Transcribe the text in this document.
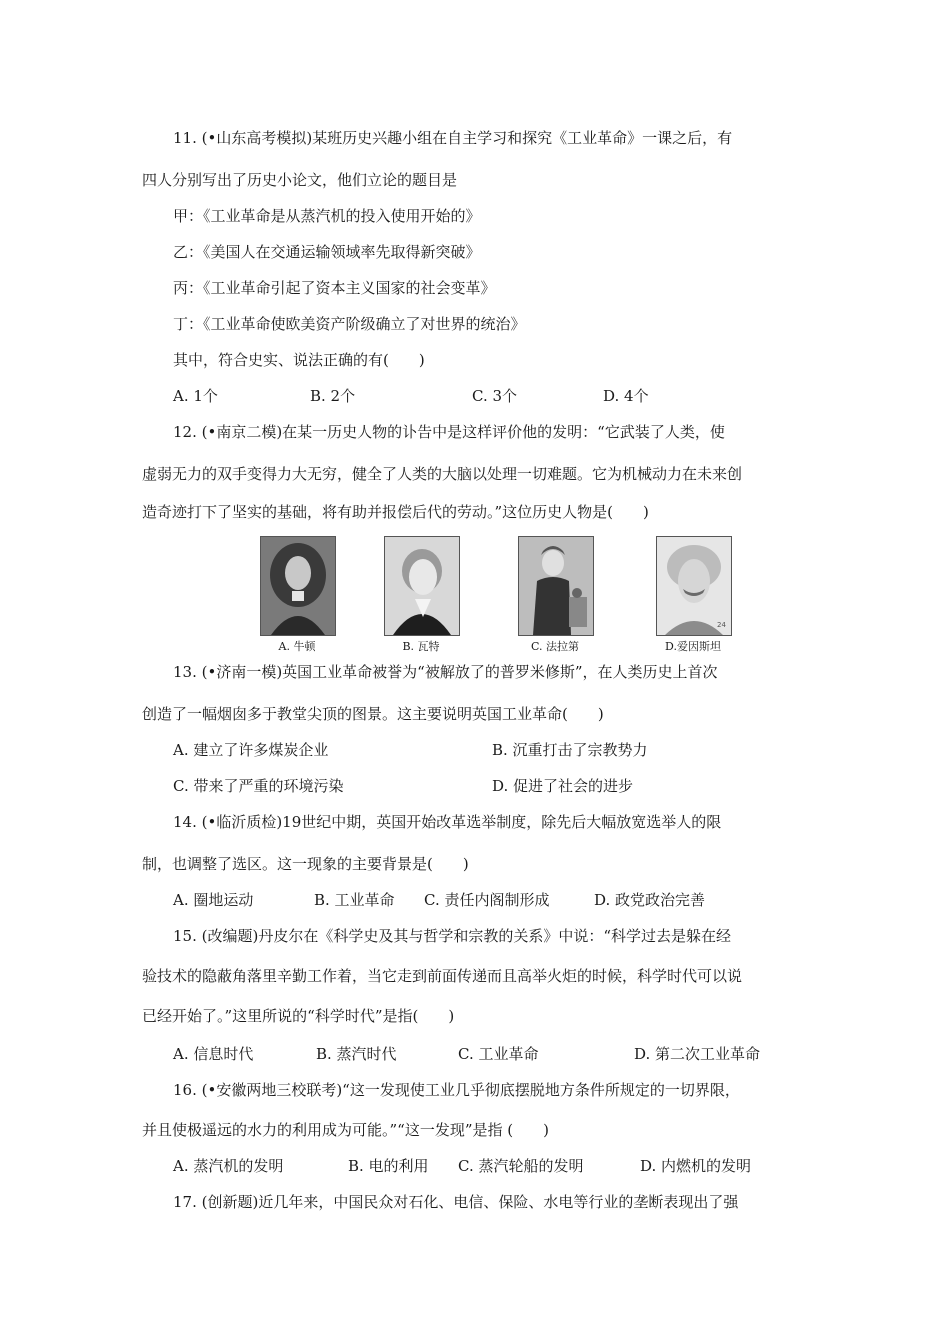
11. (•山东高考模拟)某班历史兴趣小组在自主学习和探究《工业革命》一课之后，有
四人分别写出了历史小论文，他们立论的题目是
甲：《工业革命是从蒸汽机的投入使用开始的》
乙：《美国人在交通运输领域率先取得新突破》
丙：《工业革命引起了资本主义国家的社会变革》
丁：《工业革命使欧美资产阶级确立了对世界的统治》
其中，符合史实、说法正确的有(　　)
A. 1个	B. 2个	C. 3个	D. 4个
12. (•南京二模)在某一历史人物的讣告中是这样评价他的发明：“它武装了人类，使
虚弱无力的双手变得力大无穷，健全了人类的大脑以处理一切难题。它为机械动力在未来创
造奇迹打下了坚实的基础，将有助并报偿后代的劳动。”这位历史人物是(　　)
24
A. 牛顿	B. 瓦特	C. 法拉第	D.爱因斯坦
13. (•济南一模)英国工业革命被誉为“被解放了的普罗米修斯”，在人类历史上首次
创造了一幅烟囱多于教堂尖顶的图景。这主要说明英国工业革命(　　)
A. 建立了许多煤炭企业	B. 沉重打击了宗教势力
C. 带来了严重的环境污染	D. 促进了社会的进步
14. (•临沂质检)19世纪中期，英国开始改革选举制度，除先后大幅放宽选举人的限
制，也调整了选区。这一现象的主要背景是(　　)
A. 圈地运动	B. 工业革命 C. 责任内阁制形成	D. 政党政治完善
15. (改编题)丹皮尔在《科学史及其与哲学和宗教的关系》中说：“科学过去是躲在经
验技术的隐蔽角落里辛勤工作着，当它走到前面传递而且高举火炬的时候，科学时代可以说
已经开始了。”这里所说的“科学时代”是指(　　)
A. 信息时代	B. 蒸汽时代	C. 工业革命	D. 第二次工业革命
16. (•安徽两地三校联考)“这一发现使工业几乎彻底摆脱地方条件所规定的一切界限，
并且使极遥远的水力的利用成为可能。”“这一发现”是指 (　　)
A. 蒸汽机的发明	B. 电的利用 C. 蒸汽轮船的发明	D. 内燃机的发明
17. (创新题)近几年来，中国民众对石化、电信、保险、水电等行业的垄断表现出了强
